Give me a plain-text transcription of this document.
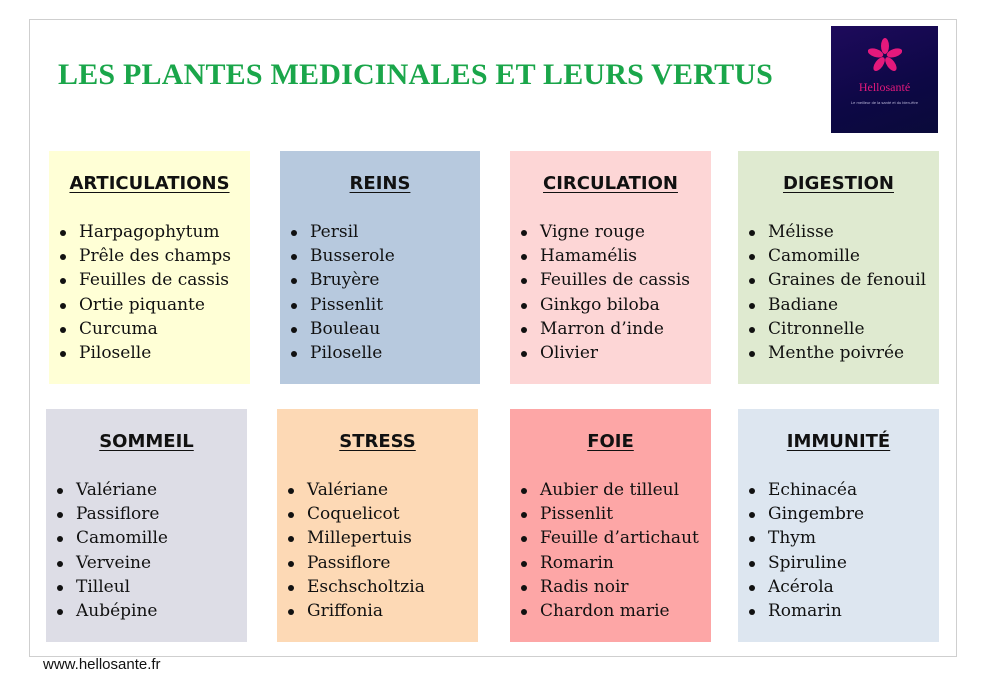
LES PLANTES MEDICINALES ET LEURS VERTUS	Hellosanté
Le meilleur de la santé et du bien-être
ARTICULATIONS
Harpagophytum
Prêle des champs
Feuilles de cassis
Ortie piquante
Curcuma
Piloselle
REINS
Persil
Busserole
Bruyère
Pissenlit
Bouleau
Piloselle
CIRCULATION
Vigne rouge
Hamamélis
Feuilles de cassis
Ginkgo biloba
Marron d’inde
Olivier
DIGESTION
Mélisse
Camomille
Graines de fenouil
Badiane
Citronnelle
Menthe poivrée
SOMMEIL
Valériane
Passiflore
Camomille
Verveine
Tilleul
Aubépine
STRESS
Valériane
Coquelicot
Millepertuis
Passiflore
Eschscholtzia
Griffonia
FOIE
Aubier de tilleul
Pissenlit
Feuille d’artichaut
Romarin
Radis noir
Chardon marie
IMMUNITÉ
Echinacéa
Gingembre
Thym
Spiruline
Acérola
Romarin
www.hellosante.fr
